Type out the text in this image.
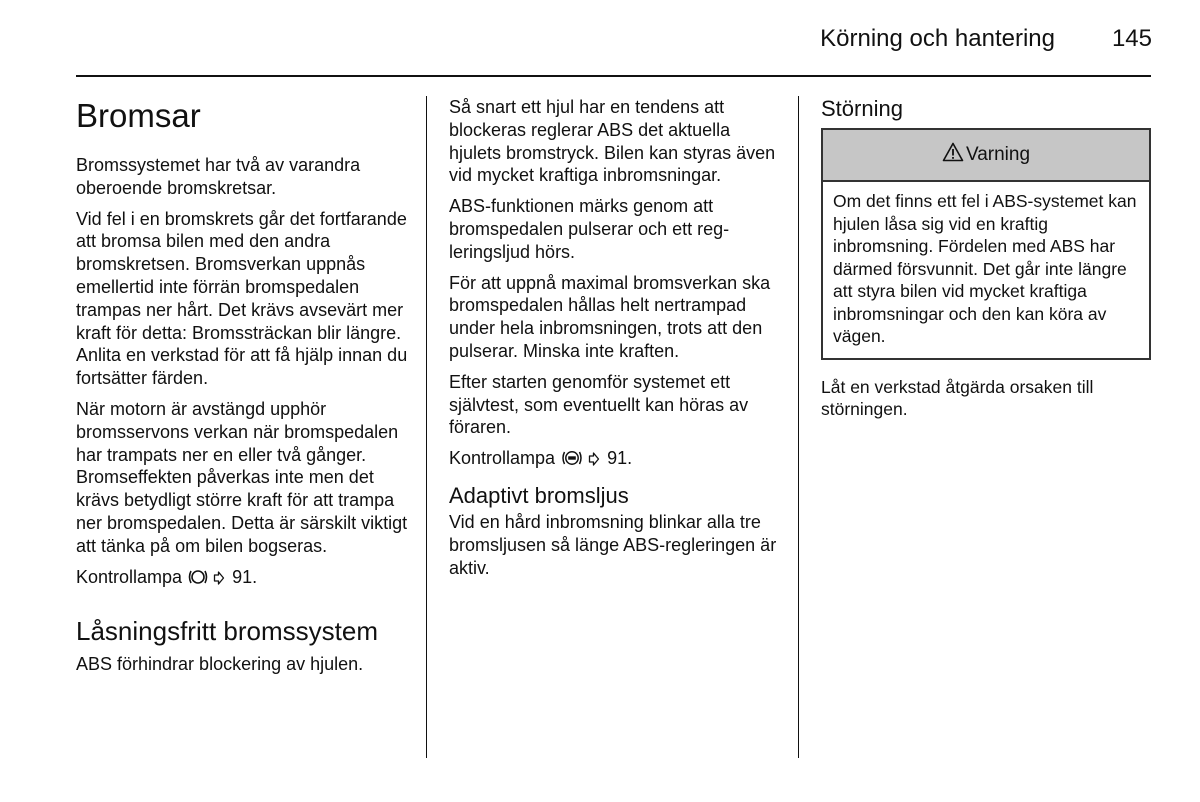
Körning och hantering 145
Bromsar

Bromssystemet har två av varandra oberoende bromskretsar.

Vid fel i en bromskrets går det fortfarande att bromsa bilen med den andra bromskretsen. Bromsverkan uppnås emellertid inte förrän bromspedalen trampas ner hårt. Det krävs avsevärt mer kraft för detta: Bromssträckan blir längre. Anlita en verkstad för att få hjälp innan du fortsätter färden.

När motorn är avstängd upphör bromsservons verkan när bromspedalen har trampats ner en eller två gånger. Bromseffekten påverkas inte men det krävs betydligt större kraft för att trampa ner bromspedalen. Detta är särskilt viktigt att tänka på om bilen bogseras.

Kontrollampa	91.

Låsningsfritt bromssystem

ABS förhindrar blockering av hjulen.

Så snart ett hjul har en tendens att blockeras reglerar ABS det aktuella hjulets bromstryck. Bilen kan styras även vid mycket kraftiga inbromsningar.

ABS-funktionen märks genom att bromspedalen pulserar och ett regleringsljud hörs.

För att uppnå maximal bromsverkan ska bromspedalen hållas helt nertrampad under hela inbromsningen, trots att den pulserar. Minska inte kraften.

Efter starten genomför systemet ett självtest, som eventuellt kan höras av föraren.

Kontrollampa	91.

Adaptivt bromsljus

Vid en hård inbromsning blinkar alla tre bromsljusen så länge ABS-regleringen är aktiv.

Störning
Varning

Om det finns ett fel i ABS-systemet kan hjulen låsa sig vid en kraftig inbromsning. Fördelen med ABS har därmed försvunnit. Det går inte längre att styra bilen vid mycket kraftiga inbromsningar och den kan köra av vägen.

Låt en verkstad åtgärda orsaken till störningen.
